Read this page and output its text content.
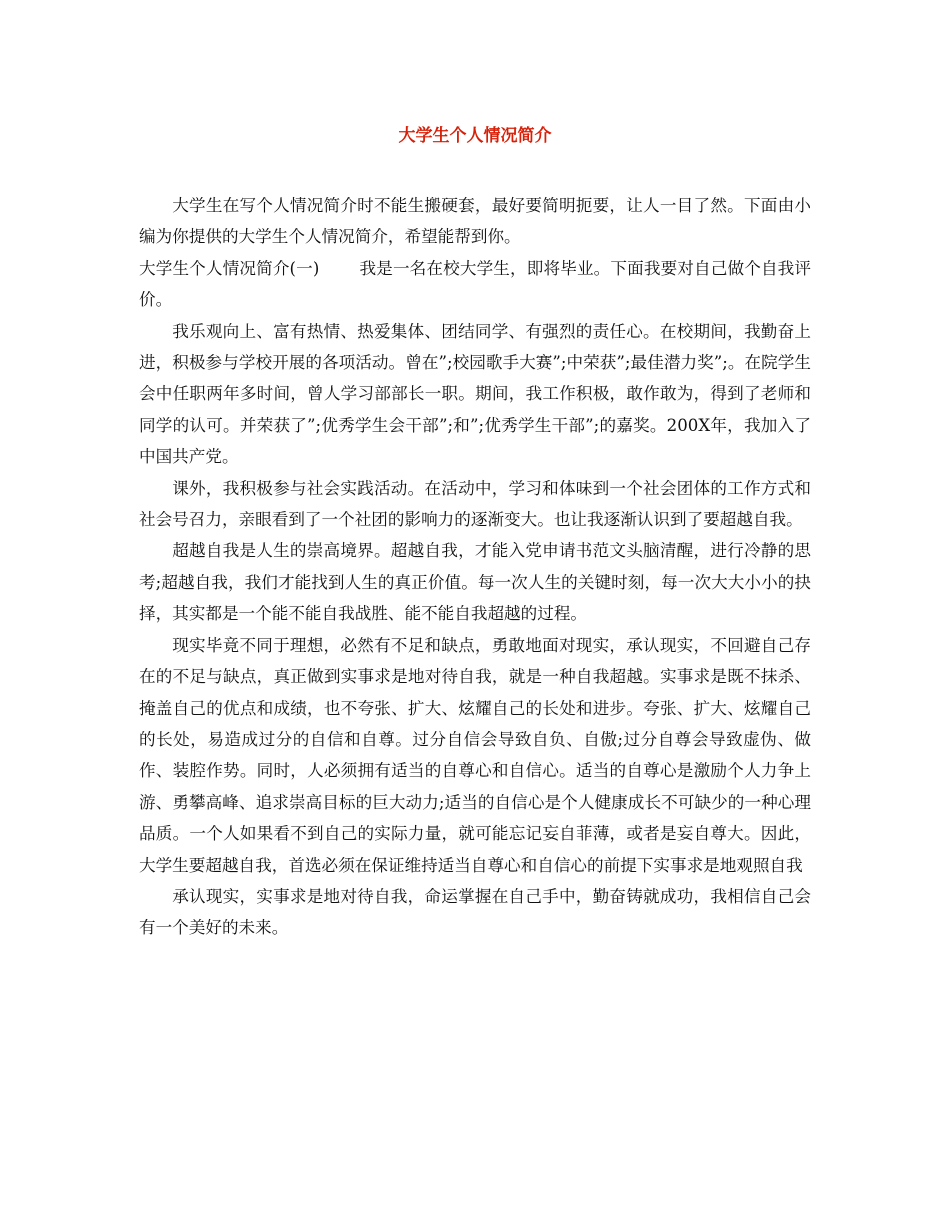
大学生个人情况简介

大学生在写个人情况简介时不能生搬硬套，最好要简明扼要，让人一目了然。下面由小编为你提供的大学生个人情况简介，希望能帮到你。

大学生个人情况简介(一) 我是一名在校大学生，即将毕业。下面我要对自己做个自我评价。

我乐观向上、富有热情、热爱集体、团结同学、有强烈的责任心。在校期间，我勤奋上进，积极参与学校开展的各项活动。曾在”;校园歌手大赛”;中荣获”;最佳潜力奖”;。在院学生会中任职两年多时间，曾人学习部部长一职。期间，我工作积极，敢作敢为，得到了老师和同学的认可。并荣获了”;优秀学生会干部”;和”;优秀学生干部”;的嘉奖。200X年，我加入了中国共产党。

课外，我积极参与社会实践活动。在活动中，学习和体味到一个社会团体的工作方式和社会号召力，亲眼看到了一个社团的影响力的逐渐变大。也让我逐渐认识到了要超越自我。

超越自我是人生的崇高境界。超越自我，才能入党申请书范文头脑清醒，进行冷静的思考;超越自我，我们才能找到人生的真正价值。每一次人生的关键时刻，每一次大大小小的抉择，其实都是一个能不能自我战胜、能不能自我超越的过程。

现实毕竟不同于理想，必然有不足和缺点，勇敢地面对现实，承认现实，不回避自己存在的不足与缺点，真正做到实事求是地对待自我，就是一种自我超越。实事求是既不抹杀、掩盖自己的优点和成绩，也不夸张、扩大、炫耀自己的长处和进步。夸张、扩大、炫耀自己的长处，易造成过分的自信和自尊。过分自信会导致自负、自傲;过分自尊会导致虚伪、做作、装腔作势。同时，人必须拥有适当的自尊心和自信心。适当的自尊心是激励个人力争上游、勇攀高峰、追求崇高目标的巨大动力;适当的自信心是个人健康成长不可缺少的一种心理品质。一个人如果看不到自己的实际力量，就可能忘记妄自菲薄，或者是妄自尊大。因此，大学生要超越自我，首选必须在保证维持适当自尊心和自信心的前提下实事求是地观照自我

承认现实，实事求是地对待自我，命运掌握在自己手中，勤奋铸就成功，我相信自己会有一个美好的未来。
